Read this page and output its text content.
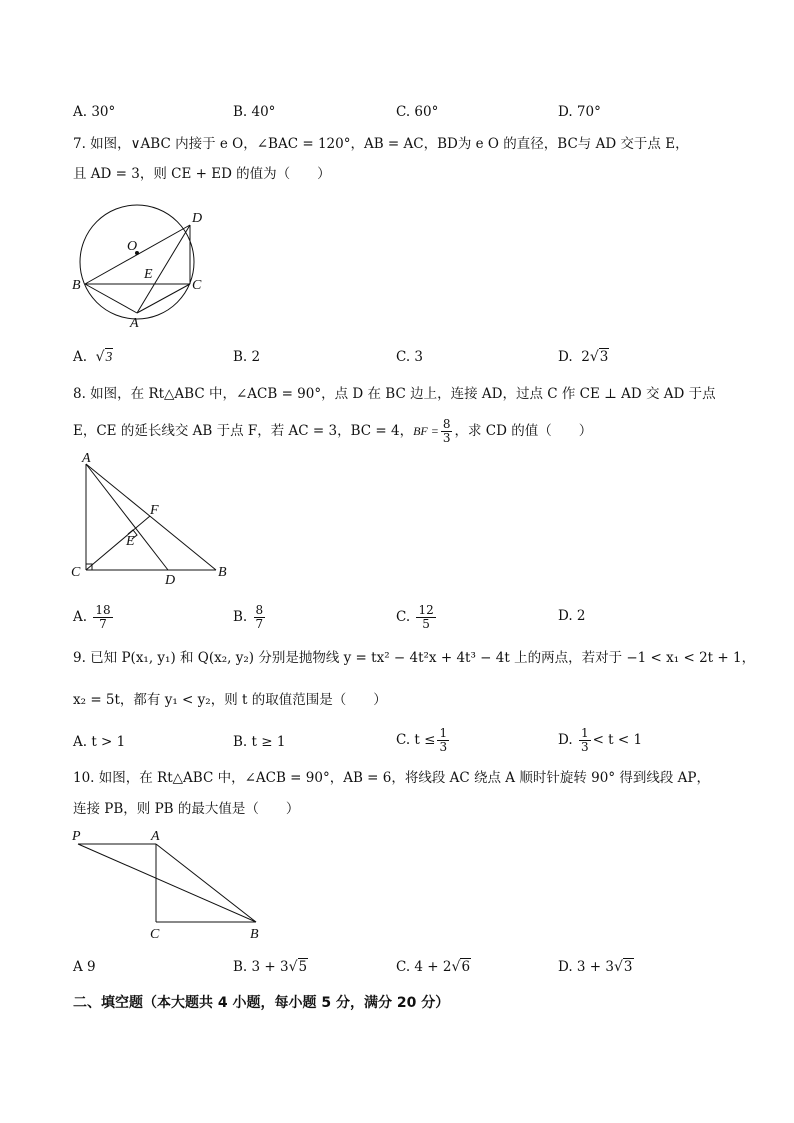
A. 30°	B. 40°	C. 60°	D. 70°
7. 如图，∨ABC 内接于 e O，∠BAC = 120°，AB = AC，BD为 e O 的直径，BC与 AD 交于点 E，
且 AD = 3，则 CE + ED 的值为（　　）
D
O
E
B	C
A
A. √3	B. 2	C. 3	D. 2√3
8. 如图，在 Rt△ABC 中，∠ACB = 90°，点 D 在 BC 边上，连接 AD，过点 C 作 CE ⊥ AD 交 AD 于点
E，CE 的延长线交 AB 于点 F，若 AC = 3，BC = 4，BF = $\frac{8}{3}$ ，求 CD 的值（　　）
A
F
E
C
D
B
A. $\frac{18}{7}$	B. $\frac{8}{7}$	C. $\frac{12}{5}$	D. 2
9. 已知 P(x₁, y₁) 和 Q(x₂, y₂) 分别是抛物线 y = tx² − 4t²x + 4t³ − 4t 上的两点，若对于 −1 < x₁ < 2t + 1，
x₂ = 5t，都有 y₁ < y₂，则 t 的取值范围是（　　）
A. t > 1	B. t ≥ 1	C. $t \le \frac{1}{3}$	D. $\frac{1}{3} < t < 1$
10. 如图，在 Rt△ABC 中，∠ACB = 90°，AB = 6，将线段 AC 绕点 A 顺时针旋转 90° 得到线段 AP，
连接 PB，则 PB 的最大值是（　　）
P	A
C	B
A 9	B. 3 + 3√5	C. 4 + 2√6	D. 3 + 3√3
二、填空题（本大题共 4 小题，每小题 5 分，满分 20 分）
